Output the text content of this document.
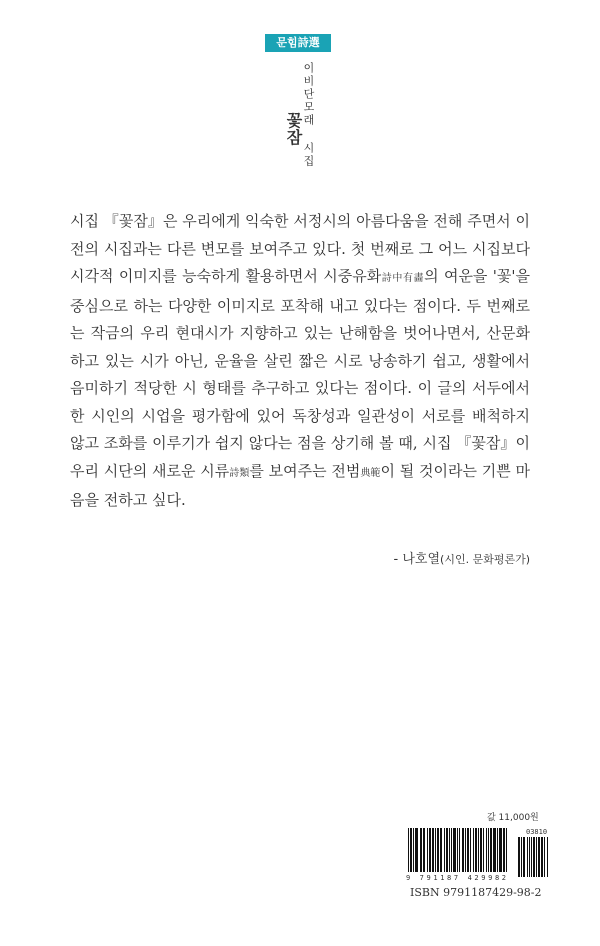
문힘詩選 026
꽃잠 이비단모래 시집

시집 『꽃잠』은 우리에게 익숙한 서정시의 아름다움을 전해 주면서 이전의 시집과는 다른 변모를 보여주고 있다. 첫 번째로 그 어느 시집보다 시각적 이미지를 능숙하게 활용하면서 시중유화詩中有畵의 여운을 '꽃'을 중심으로 하는 다양한 이미지로 포착해 내고 있다는 점이다. 두 번째로는 작금의 우리 현대시가 지향하고 있는 난해함을 벗어나면서, 산문화하고 있는 시가 아닌, 운율을 살린 짧은 시로 낭송하기 쉽고, 생활에서 음미하기 적당한 시 형태를 추구하고 있다는 점이다. 이 글의 서두에서 한 시인의 시업을 평가함에 있어 독창성과 일관성이 서로를 배척하지 않고 조화를 이루기가 쉽지 않다는 점을 상기해 볼 때, 시집 『꽃잠』이 우리 시단의 새로운 시류詩類를 보여주는 전범典範이 될 것이라는 기쁜 마음을 전하고 싶다.

- 나호열(시인. 문화평론가)
값 11,000원
03810
9 791187 429982
ISBN 9791187429-98-2
